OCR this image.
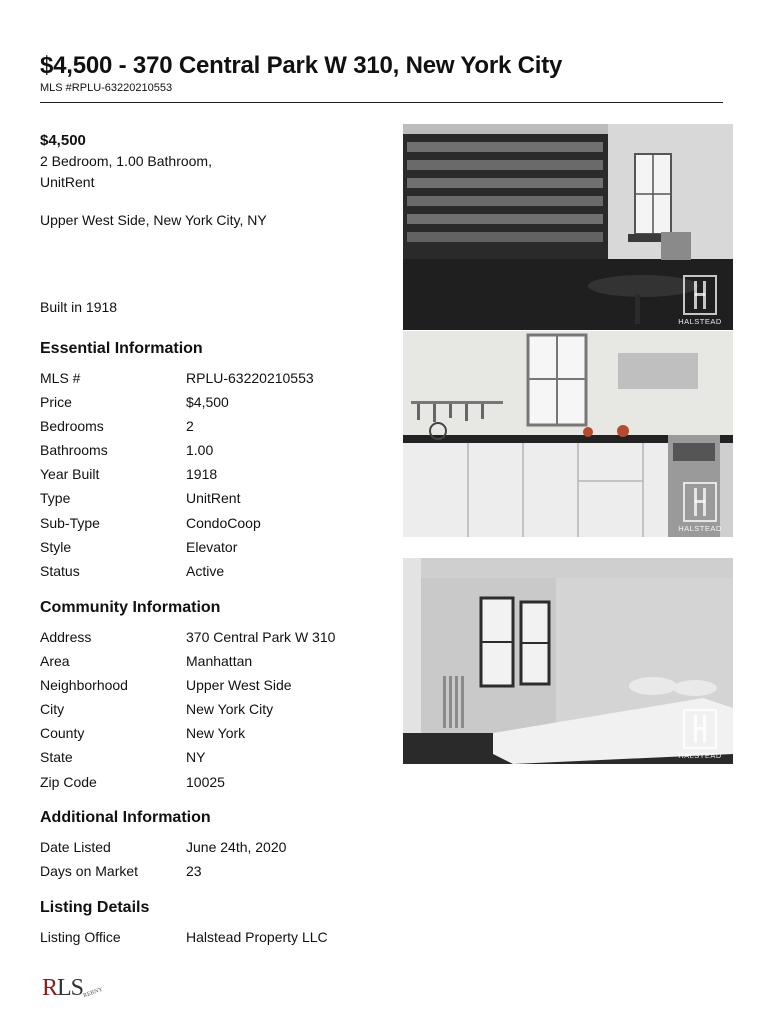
$4,500 - 370 Central Park W 310, New York City
MLS #RPLU-63220210553
$4,500
2 Bedroom, 1.00 Bathroom,
UnitRent
Upper West Side, New York City, NY
Built in 1918
Essential Information
MLS #	RPLU-63220210553
Price	$4,500
Bedrooms	2
Bathrooms	1.00
Year Built	1918
Type	UnitRent
Sub-Type	CondoCoop
Style	Elevator
Status	Active
Community Information
Address	370 Central Park W 310
Area	Manhattan
Neighborhood	Upper West Side
City	New York City
County	New York
State	NY
Zip Code	10025
Additional Information
Date Listed	June 24th, 2020
Days on Market	23
Listing Details
Listing Office	Halstead Property LLC
HALSTEAD
HALSTEAD
HALSTEAD
RLS REBNY
